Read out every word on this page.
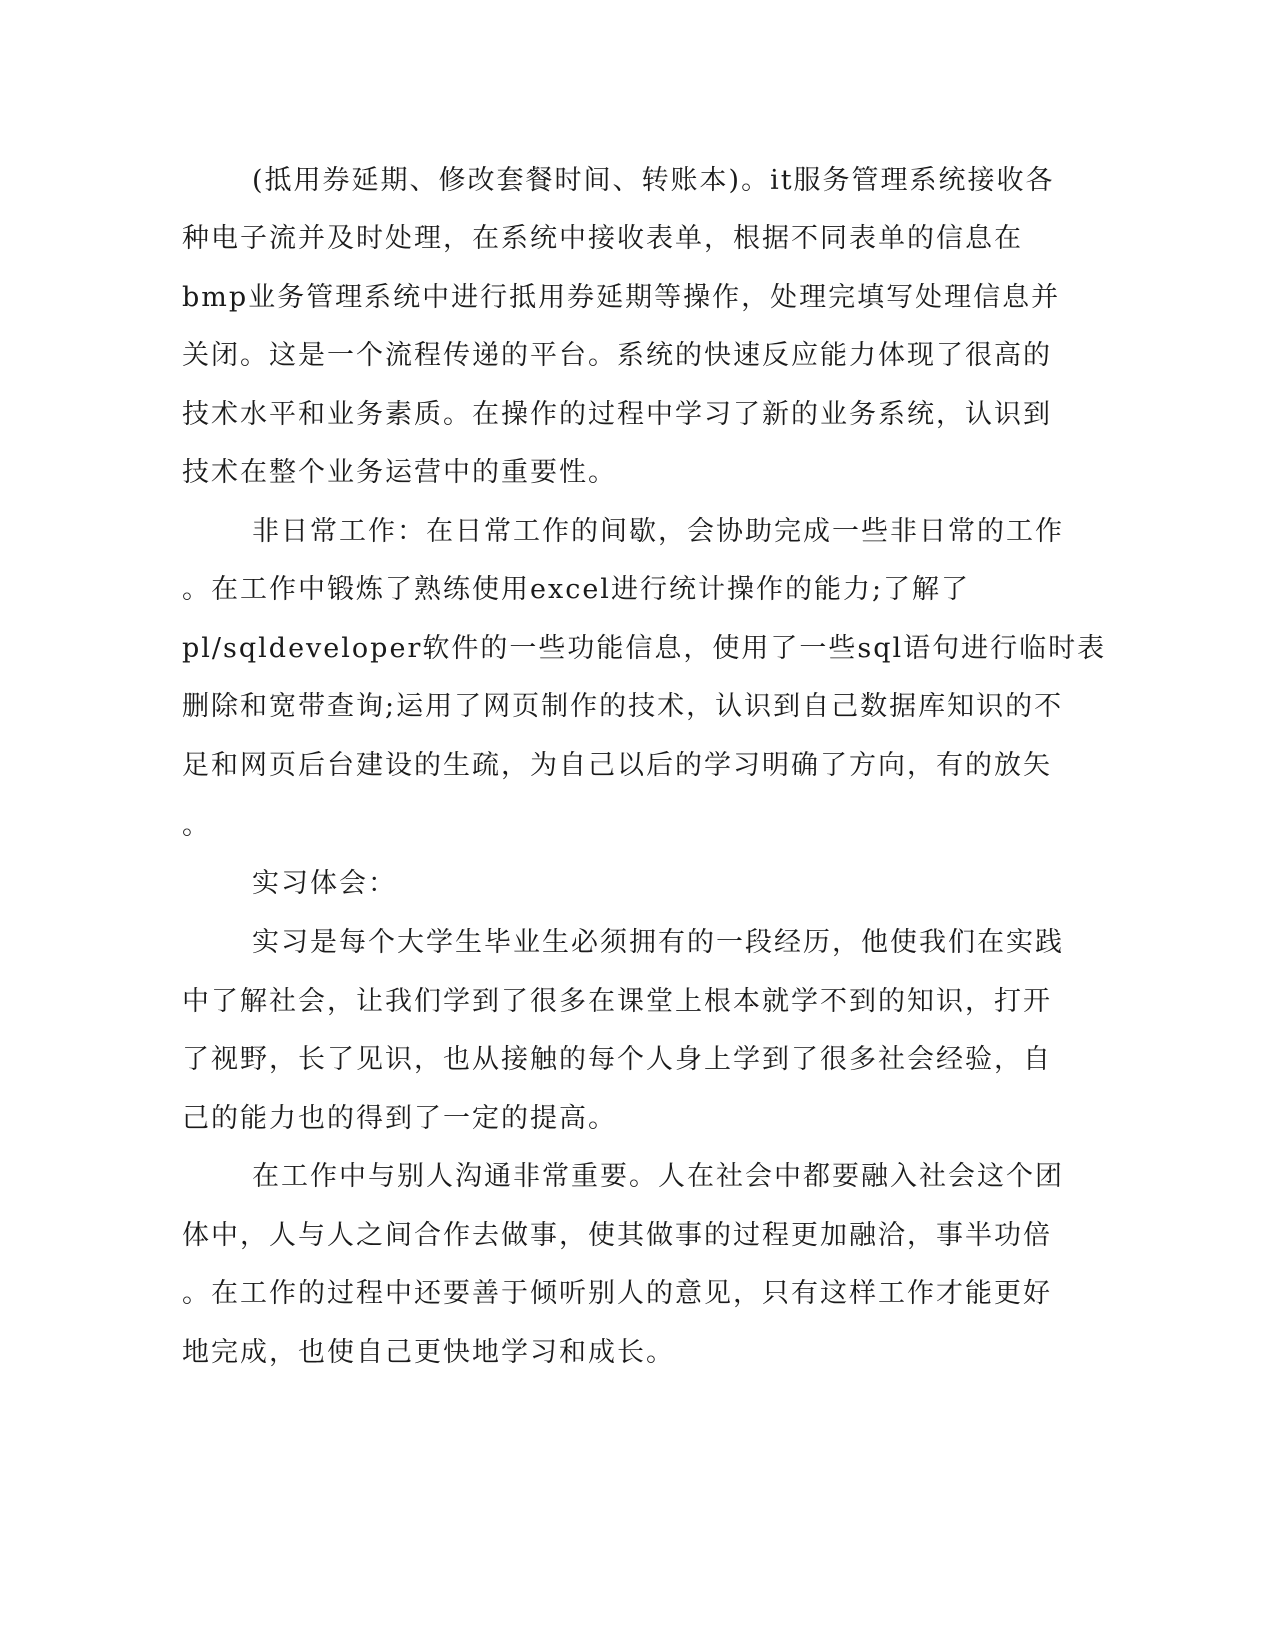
(抵用券延期、修改套餐时间、转账本)。it服务管理系统接收各
种电子流并及时处理，在系统中接收表单，根据不同表单的信息在
bmp业务管理系统中进行抵用券延期等操作，处理完填写处理信息并
关闭。这是一个流程传递的平台。系统的快速反应能力体现了很高的
技术水平和业务素质。在操作的过程中学习了新的业务系统，认识到
技术在整个业务运营中的重要性。
非日常工作：在日常工作的间歇，会协助完成一些非日常的工作
。在工作中锻炼了熟练使用excel进行统计操作的能力;了解了
pl/sqldeveloper软件的一些功能信息，使用了一些sql语句进行临时表
删除和宽带查询;运用了网页制作的技术，认识到自己数据库知识的不
足和网页后台建设的生疏，为自己以后的学习明确了方向，有的放矢
。
实习体会：
实习是每个大学生毕业生必须拥有的一段经历，他使我们在实践
中了解社会，让我们学到了很多在课堂上根本就学不到的知识，打开
了视野，长了见识，也从接触的每个人身上学到了很多社会经验，自
己的能力也的得到了一定的提高。
在工作中与别人沟通非常重要。人在社会中都要融入社会这个团
体中，人与人之间合作去做事，使其做事的过程更加融洽，事半功倍
。在工作的过程中还要善于倾听别人的意见，只有这样工作才能更好
地完成，也使自己更快地学习和成长。
